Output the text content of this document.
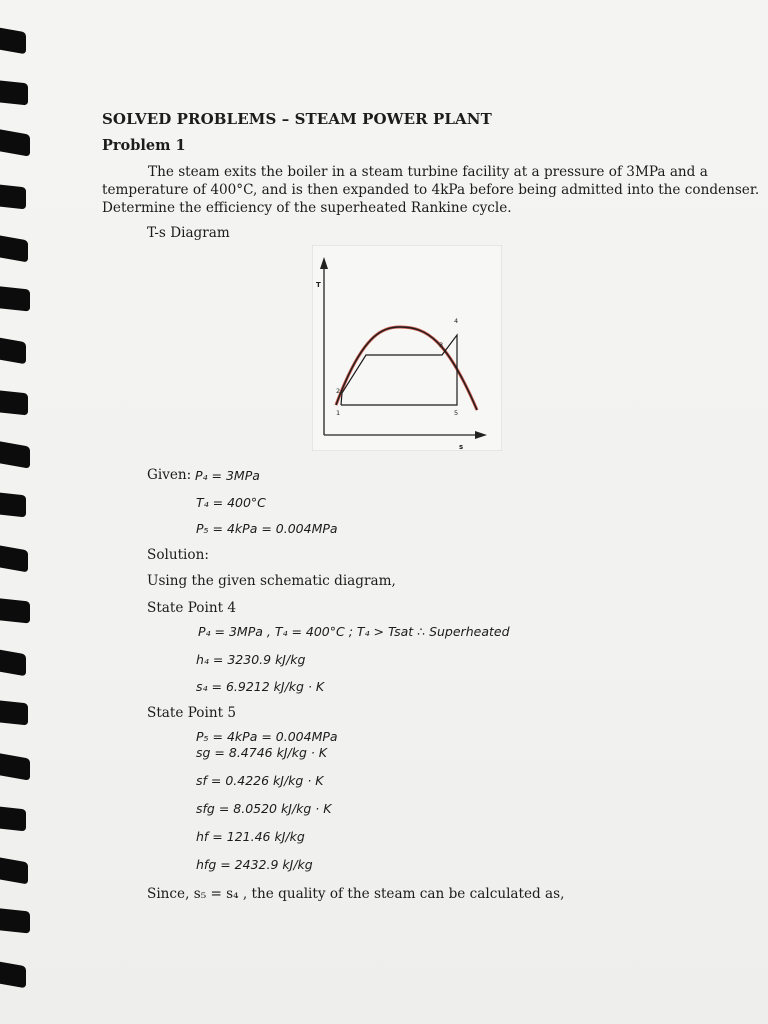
SOLVED PROBLEMS – STEAM POWER PLANT
Problem 1
The steam exits the boiler in a steam turbine facility at a pressure of 3MPa and a
temperature of 400°C, and is then expanded to 4kPa before being admitted into the condenser.
Determine the efficiency of the superheated Rankine cycle.
T-s Diagram
T
s
1
2
3
4
5
Given: P₄ = 3MPa
T₄ = 400°C
P₅ = 4kPa = 0.004MPa
Solution:
Using the given schematic diagram,
State Point 4
P₄ = 3MPa , T₄ = 400°C ; T₄ > Tsat ∴ Superheated
h₄ = 3230.9 kJ/kg
s₄ = 6.9212 kJ/kg · K
State Point 5
P₅ = 4kPa = 0.004MPa
sg = 8.4746 kJ/kg · K
sf = 0.4226 kJ/kg · K
sfg = 8.0520 kJ/kg · K
hf = 121.46 kJ/kg
hfg = 2432.9 kJ/kg
Since, s₅ = s₄ , the quality of the steam can be calculated as,
